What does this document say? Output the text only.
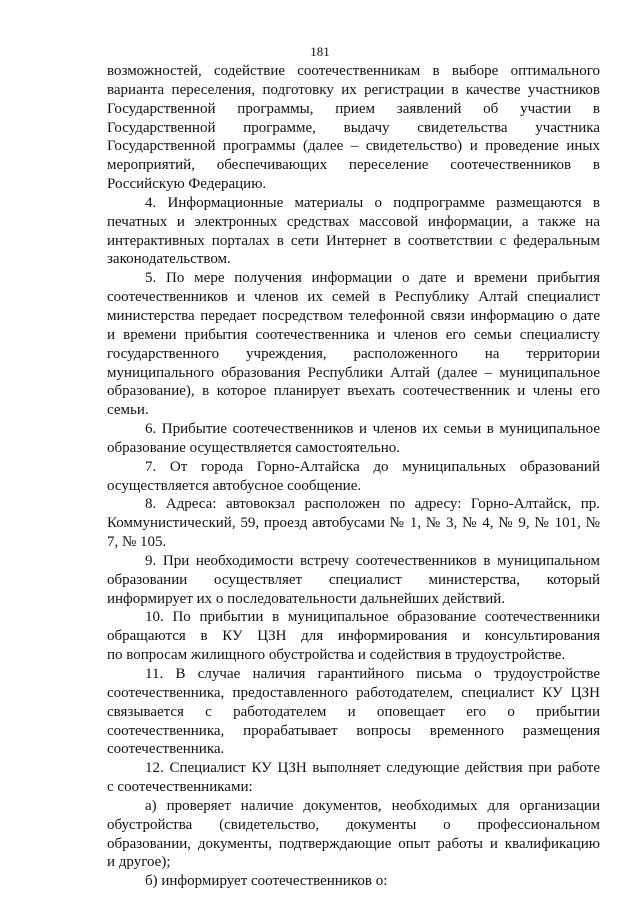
181
возможностей, содействие соотечественникам в выборе оптимального
варианта переселения, подготовку их регистрации в качестве участников
Государственной программы, прием заявлений об участии в
Государственной программе, выдачу свидетельства участника
Государственной программы (далее – свидетельство) и проведение иных
мероприятий, обеспечивающих переселение соотечественников в
Российскую Федерацию.
4. Информационные материалы о подпрограмме размещаются в
печатных и электронных средствах массовой информации, а также на
интерактивных порталах в сети Интернет в соответствии с федеральным
законодательством.
5. По мере получения информации о дате и времени прибытия
соотечественников и членов их семей в Республику Алтай специалист
министерства передает посредством телефонной связи информацию о дате
и времени прибытия соотечественника и членов его семьи специалисту
государственного учреждения, расположенного на территории
муниципального образования Республики Алтай (далее – муниципальное
образование), в которое планирует въехать соотечественник и члены его
семьи.
6. Прибытие соотечественников и членов их семьи в муниципальное
образование осуществляется самостоятельно.
7. От города Горно-Алтайска до муниципальных образований
осуществляется автобусное сообщение.
8. Адреса: автовокзал расположен по адресу: Горно-Алтайск, пр.
Коммунистический, 59, проезд автобусами № 1, № 3, № 4, № 9, № 101, №
7, № 105.
9. При необходимости встречу соотечественников в муниципальном
образовании осуществляет специалист министерства, который
информирует их о последовательности дальнейших действий.
10. По прибытии в муниципальное образование соотечественники
обращаются в КУ ЦЗН для информирования и консультирования
по вопросам жилищного обустройства и содействия в трудоустройстве.
11. В случае наличия гарантийного письма о трудоустройстве
соотечественника, предоставленного работодателем, специалист КУ ЦЗН
связывается с работодателем и оповещает его о прибытии
соотечественника, прорабатывает вопросы временного размещения
соотечественника.
12. Специалист КУ ЦЗН выполняет следующие действия при работе
с соотечественниками:
а) проверяет наличие документов, необходимых для организации
обустройства (свидетельство, документы о профессиональном
образовании, документы, подтверждающие опыт работы и квалификацию
и другое);
б) информирует соотечественников о:
